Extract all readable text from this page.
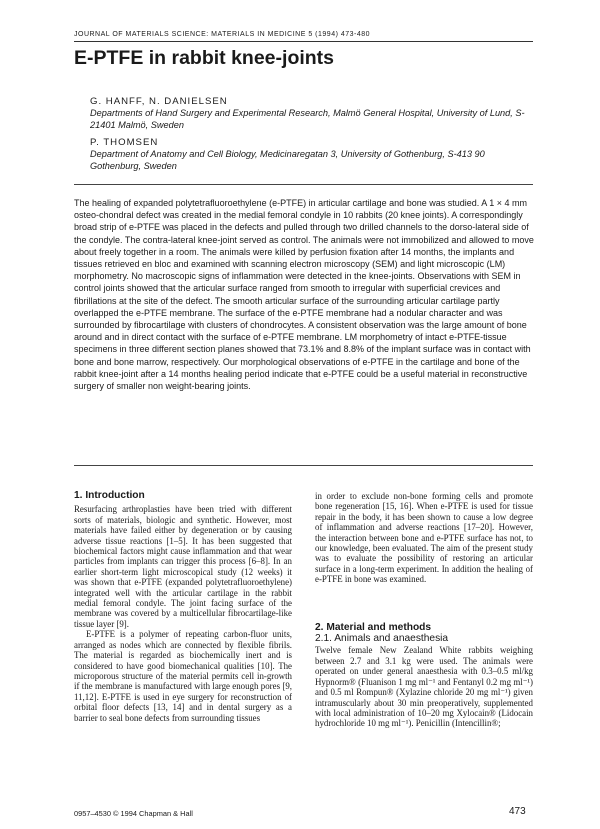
JOURNAL OF MATERIALS SCIENCE: MATERIALS IN MEDICINE 5 (1994) 473-480
E-PTFE in rabbit knee-joints
G. HANFF, N. DANIELSEN
Departments of Hand Surgery and Experimental Research, Malmö General Hospital, University of Lund, S-21401 Malmö, Sweden
P. THOMSEN
Department of Anatomy and Cell Biology, Medicinaregatan 3, University of Gothenburg, S-413 90 Gothenburg, Sweden

The healing of expanded polytetrafluoroethylene (e-PTFE) in articular cartilage and bone was studied. A 1 × 4 mm osteo-chondral defect was created in the medial femoral condyle in 10 rabbits (20 knee joints). A correspondingly broad strip of e-PTFE was placed in the defects and pulled through two drilled channels to the dorso-lateral side of the condyle. The contra-lateral knee-joint served as control. The animals were not immobilized and allowed to move about freely together in a room. The animals were killed by perfusion fixation after 14 months, the implants and tissues retrieved en bloc and examined with scanning electron microscopy (SEM) and light microscopic (LM) morphometry. No macroscopic signs of inflammation were detected in the knee-joints. Observations with SEM in control joints showed that the articular surface ranged from smooth to irregular with superficial crevices and fibrillations at the site of the defect. The smooth articular surface of the surrounding articular cartilage partly overlapped the e-PTFE membrane. The surface of the e-PTFE membrane had a nodular character and was surrounded by fibrocartilage with clusters of chondrocytes. A consistent observation was the large amount of bone around and in direct contact with the surface of e-PTFE membrane. LM morphometry of intact e-PTFE-tissue specimens in three different section planes showed that 73.1% and 8.8% of the implant surface was in contact with bone and bone marrow, respectively. Our morphological observations of e-PTFE in the cartilage and bone of the rabbit knee-joint after a 14 months healing period indicate that e-PTFE could be a useful material in reconstructive surgery of smaller non weight-bearing joints.

1. Introduction

Resurfacing arthroplasties have been tried with different sorts of materials, biologic and synthetic. However, most materials have failed either by degeneration or by causing adverse tissue reactions [1–5]. It has been suggested that biochemical factors might cause inflammation and that wear particles from implants can trigger this process [6–8]. In an earlier short-term light microscopical study (12 weeks) it was shown that e-PTFE (expanded polytetrafluoroethylene) integrated well with the articular cartilage in the rabbit medial femoral condyle. The joint facing surface of the membrane was covered by a multicellular fibrocartilage-like tissue layer [9].

E-PTFE is a polymer of repeating carbon-fluor units, arranged as nodes which are connected by flexible fibrils. The material is regarded as biochemically inert and is considered to have good biomechanical qualities [10]. The microporous structure of the material permits cell in-growth if the membrane is manufactured with large enough pores [9, 11,12]. E-PTFE is used in eye surgery for reconstruction of orbital floor defects [13, 14] and in dental surgery as a barrier to seal bone defects from surrounding tissues

in order to exclude non-bone forming cells and promote bone regeneration [15, 16]. When e-PTFE is used for tissue repair in the body, it has been shown to cause a low degree of inflammation and adverse reactions [17–20]. However, the interaction between bone and e-PTFE surface has not, to our knowledge, been evaluated. The aim of the present study was to evaluate the possibility of restoring an articular surface in a long-term experiment. In addition the healing of e-PTFE in bone was examined.

2. Material and methods
2.1. Animals and anaesthesia

Twelve female New Zealand White rabbits weighing between 2.7 and 3.1 kg were used. The animals were operated on under general anaesthesia with 0.3–0.5 ml/kg Hypnorm® (Fluanison 1 mg ml⁻¹ and Fentanyl 0.2 mg ml⁻¹) and 0.5 ml Rompun® (Xylazine chloride 20 mg ml⁻¹) given intramuscularly about 30 min preoperatively, supplemented with local administration of 10–20 mg Xylocain® (Lidocain hydrochloride 10 mg ml⁻¹). Penicillin (Intencillin®;

0957–4530 © 1994 Chapman & Hall	473
